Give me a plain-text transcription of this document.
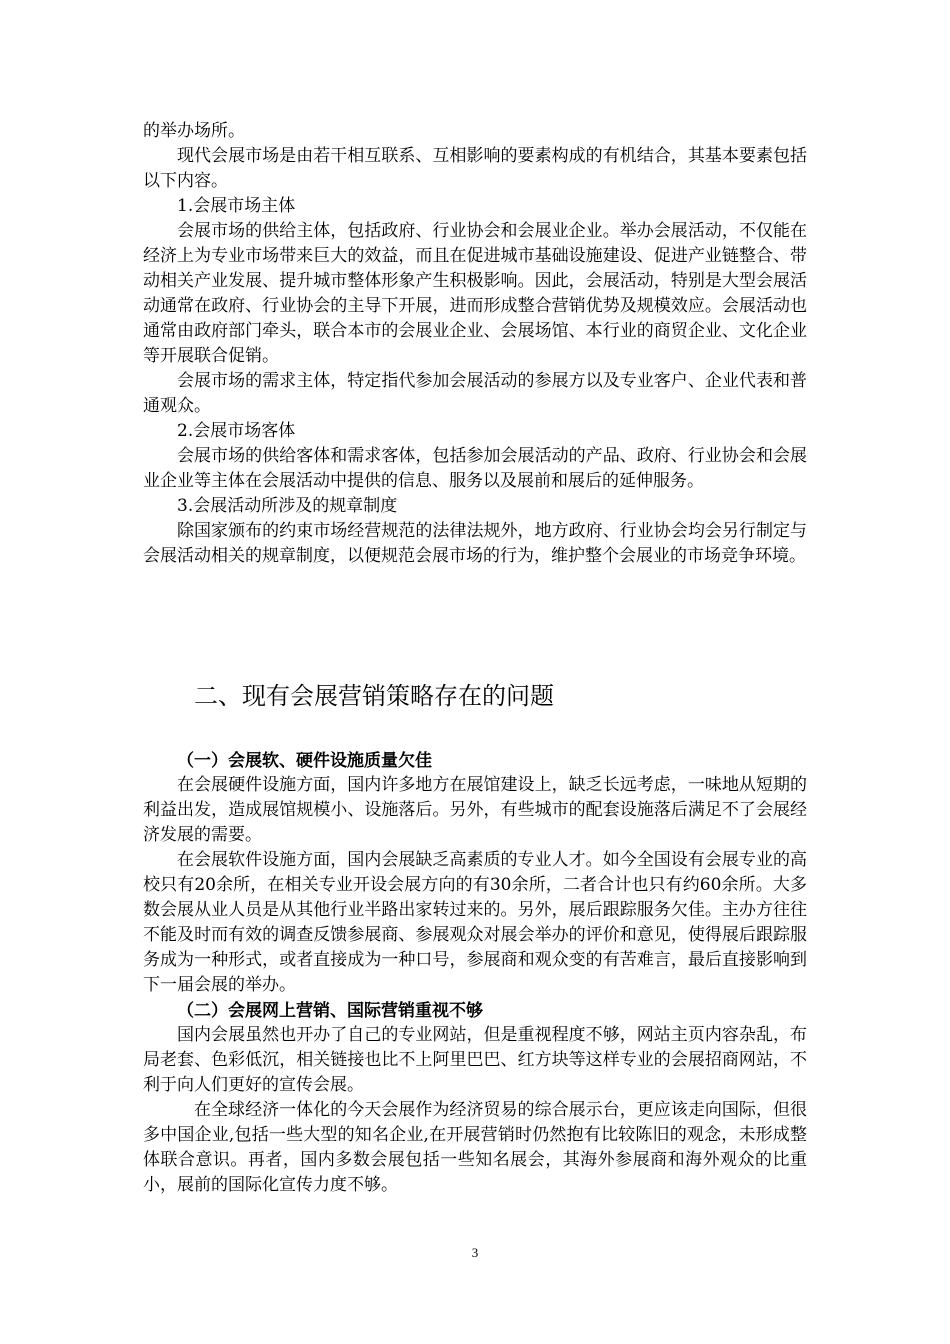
的举办场所。

现代会展市场是由若干相互联系、互相影响的要素构成的有机结合，其基本要素包括以下内容。

1.会展市场主体

会展市场的供给主体，包括政府、行业协会和会展业企业。举办会展活动，不仅能在经济上为专业市场带来巨大的效益，而且在促进城市基础设施建设、促进产业链整合、带动相关产业发展、提升城市整体形象产生积极影响。因此，会展活动，特别是大型会展活动通常在政府、行业协会的主导下开展，进而形成整合营销优势及规模效应。会展活动也通常由政府部门牵头，联合本市的会展业企业、会展场馆、本行业的商贸企业、文化企业等开展联合促销。

会展市场的需求主体，特定指代参加会展活动的参展方以及专业客户、企业代表和普通观众。

2.会展市场客体

会展市场的供给客体和需求客体，包括参加会展活动的产品、政府、行业协会和会展业企业等主体在会展活动中提供的信息、服务以及展前和展后的延伸服务。

3.会展活动所涉及的规章制度

除国家颁布的约束市场经营规范的法律法规外，地方政府、行业协会均会另行制定与会展活动相关的规章制度，以便规范会展市场的行为，维护整个会展业的市场竞争环境。

二、现有会展营销策略存在的问题

（一）会展软、硬件设施质量欠佳

在会展硬件设施方面，国内许多地方在展馆建设上，缺乏长远考虑，一味地从短期的利益出发，造成展馆规模小、设施落后。另外，有些城市的配套设施落后满足不了会展经济发展的需要。

在会展软件设施方面，国内会展缺乏高素质的专业人才。如今全国设有会展专业的高校只有20余所，在相关专业开设会展方向的有30余所，二者合计也只有约60余所。大多数会展从业人员是从其他行业半路出家转过来的。另外，展后跟踪服务欠佳。主办方往往不能及时而有效的调查反馈参展商、参展观众对展会举办的评价和意见，使得展后跟踪服务成为一种形式，或者直接成为一种口号，参展商和观众变的有苦难言，最后直接影响到下一届会展的举办。

（二）会展网上营销、国际营销重视不够

国内会展虽然也开办了自己的专业网站，但是重视程度不够，网站主页内容杂乱，布局老套、色彩低沉，相关链接也比不上阿里巴巴、红方块等这样专业的会展招商网站，不利于向人们更好的宣传会展。

在全球经济一体化的今天会展作为经济贸易的综合展示台，更应该走向国际，但很多中国企业,包括一些大型的知名企业,在开展营销时仍然抱有比较陈旧的观念，未形成整体联合意识。再者，国内多数会展包括一些知名展会，其海外参展商和海外观众的比重小，展前的国际化宣传力度不够。

3
